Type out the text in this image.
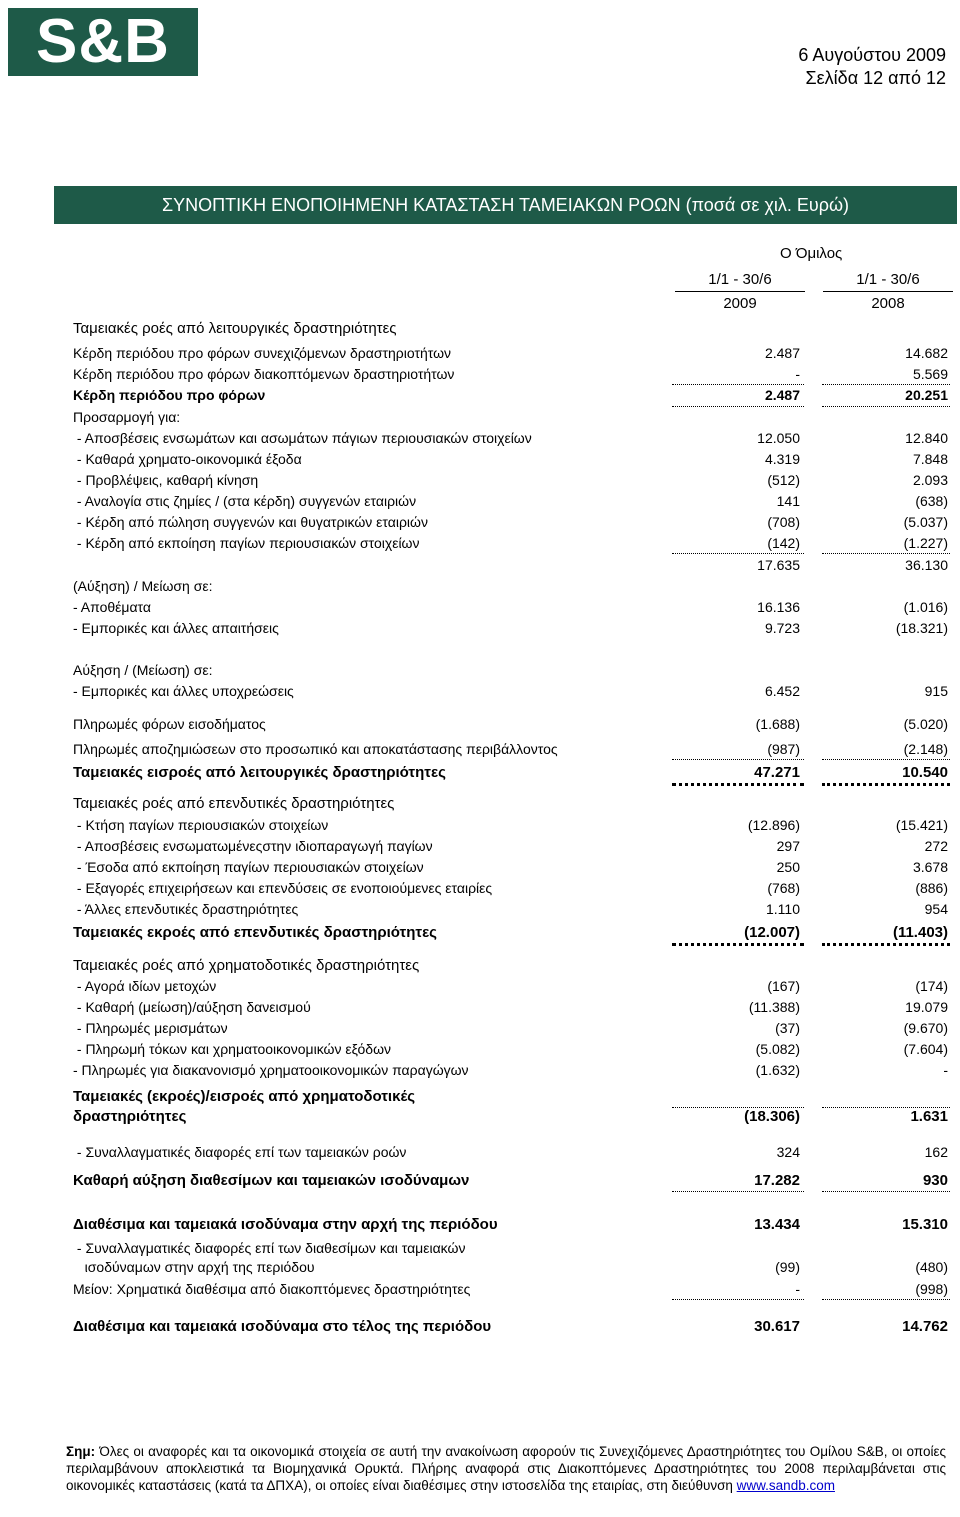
S&B	6 Αυγούστου 2009
Σελίδα 12 από 12
ΣΥΝΟΠΤΙΚΗ ΕΝΟΠΟΙΗΜΕΝΗ ΚΑΤΑΣΤΑΣΗ ΤΑΜΕΙΑΚΩΝ ΡΟΩΝ (ποσά σε χιλ. Ευρώ)
Ο Όμιλος
1/1 - 30/6
2009
1/1 - 30/6
2008
Ταμειακές ροές από λειτουργικές δραστηριότητες
Κέρδη περιόδου προ φόρων συνεχιζόμενων δραστηριοτήτων	2.487	14.682
Κέρδη περιόδου προ φόρων διακοπτόμενων δραστηριοτήτων	-	5.569
Κέρδη περιόδου προ φόρων	2.487	20.251
Προσαρμογή για:
- Αποσβέσεις ενσωμάτων και ασωμάτων πάγιων περιουσιακών στοιχείων	12.050	12.840
- Καθαρά χρηματο-οικονομικά έξοδα	4.319	7.848
- Προβλέψεις, καθαρή κίνηση	(512)	2.093
- Αναλογία στις ζημίες / (στα κέρδη) συγγενών εταιριών	141	(638)
- Κέρδη από πώληση συγγενών και θυγατρικών εταιριών	(708)	(5.037)
- Κέρδη από εκποίηση παγίων περιουσιακών στοιχείων	(142)	(1.227)
17.635	36.130
(Αύξηση) / Μείωση σε:
- Αποθέματα	16.136	(1.016)
- Εμπορικές και άλλες απαιτήσεις	9.723	(18.321)
Αύξηση / (Μείωση) σε:
- Εμπορικές και άλλες υποχρεώσεις	6.452	915
Πληρωμές φόρων εισοδήματος	(1.688)	(5.020)
Πληρωμές αποζημιώσεων στο προσωπικό και αποκατάστασης περιβάλλοντος	(987)	(2.148)
Ταμειακές εισροές από λειτουργικές δραστηριότητες	47.271	10.540
Ταμειακές ροές από επενδυτικές δραστηριότητες
- Κτήση παγίων περιουσιακών στοιχείων	(12.896)	(15.421)
- Αποσβέσεις ενσωματωμένεςστην ιδιοπαραγωγή παγίων	297	272
- Έσοδα από εκποίηση παγίων περιουσιακών στοιχείων	250	3.678
- Εξαγορές επιχειρήσεων και επενδύσεις σε ενοποιούμενες εταιρίες	(768)	(886)
- Άλλες επενδυτικές δραστηριότητες	1.110	954
Ταμειακές εκροές από επενδυτικές δραστηριότητες	(12.007)	(11.403)
Ταμειακές ροές από χρηματοδοτικές δραστηριότητες
- Αγορά ιδίων μετοχών	(167)	(174)
- Καθαρή (μείωση)/αύξηση δανεισμού	(11.388)	19.079
- Πληρωμές μερισμάτων	(37)	(9.670)
- Πληρωμή τόκων και χρηματοοικονομικών εξόδων	(5.082)	(7.604)
- Πληρωμές για διακανονισμό χρηματοοικονομικών παραγώγων	(1.632)	-
Ταμειακές (εκροές)/εισροές από χρηματοδοτικές
δραστηριότητες	(18.306)	1.631
- Συναλλαγματικές διαφορές επί των ταμειακών ροών	324	162
Καθαρή αύξηση διαθεσίμων και ταμειακών ισοδύναμων	17.282	930
Διαθέσιμα και ταμειακά ισοδύναμα στην αρχή της περιόδου	13.434	15.310
- Συναλλαγματικές διαφορές επί των διαθεσίμων και ταμειακών
ισοδύναμων στην αρχή της περιόδου	(99)	(480)
Μείον: Χρηματικά διαθέσιμα από διακοπτόμενες δραστηριότητες	-	(998)
Διαθέσιμα και ταμειακά ισοδύναμα στο τέλος της περιόδου	30.617	14.762
Σημ: Όλες οι αναφορές και τα οικονομικά στοιχεία σε αυτή την ανακοίνωση αφορούν τις Συνεχιζόμενες Δραστηριότητες του Ομίλου S&B, οι οποίες περιλαμβάνουν αποκλειστικά τα Βιομηχανικά Ορυκτά. Πλήρης αναφορά στις Διακοπτόμενες Δραστηριότητες του 2008 περιλαμβάνεται στις οικονομικές καταστάσεις (κατά τα ΔΠΧΑ), οι οποίες είναι διαθέσιμες στην ιστοσελίδα της εταιρίας, στη διεύθυνση www.sandb.com
